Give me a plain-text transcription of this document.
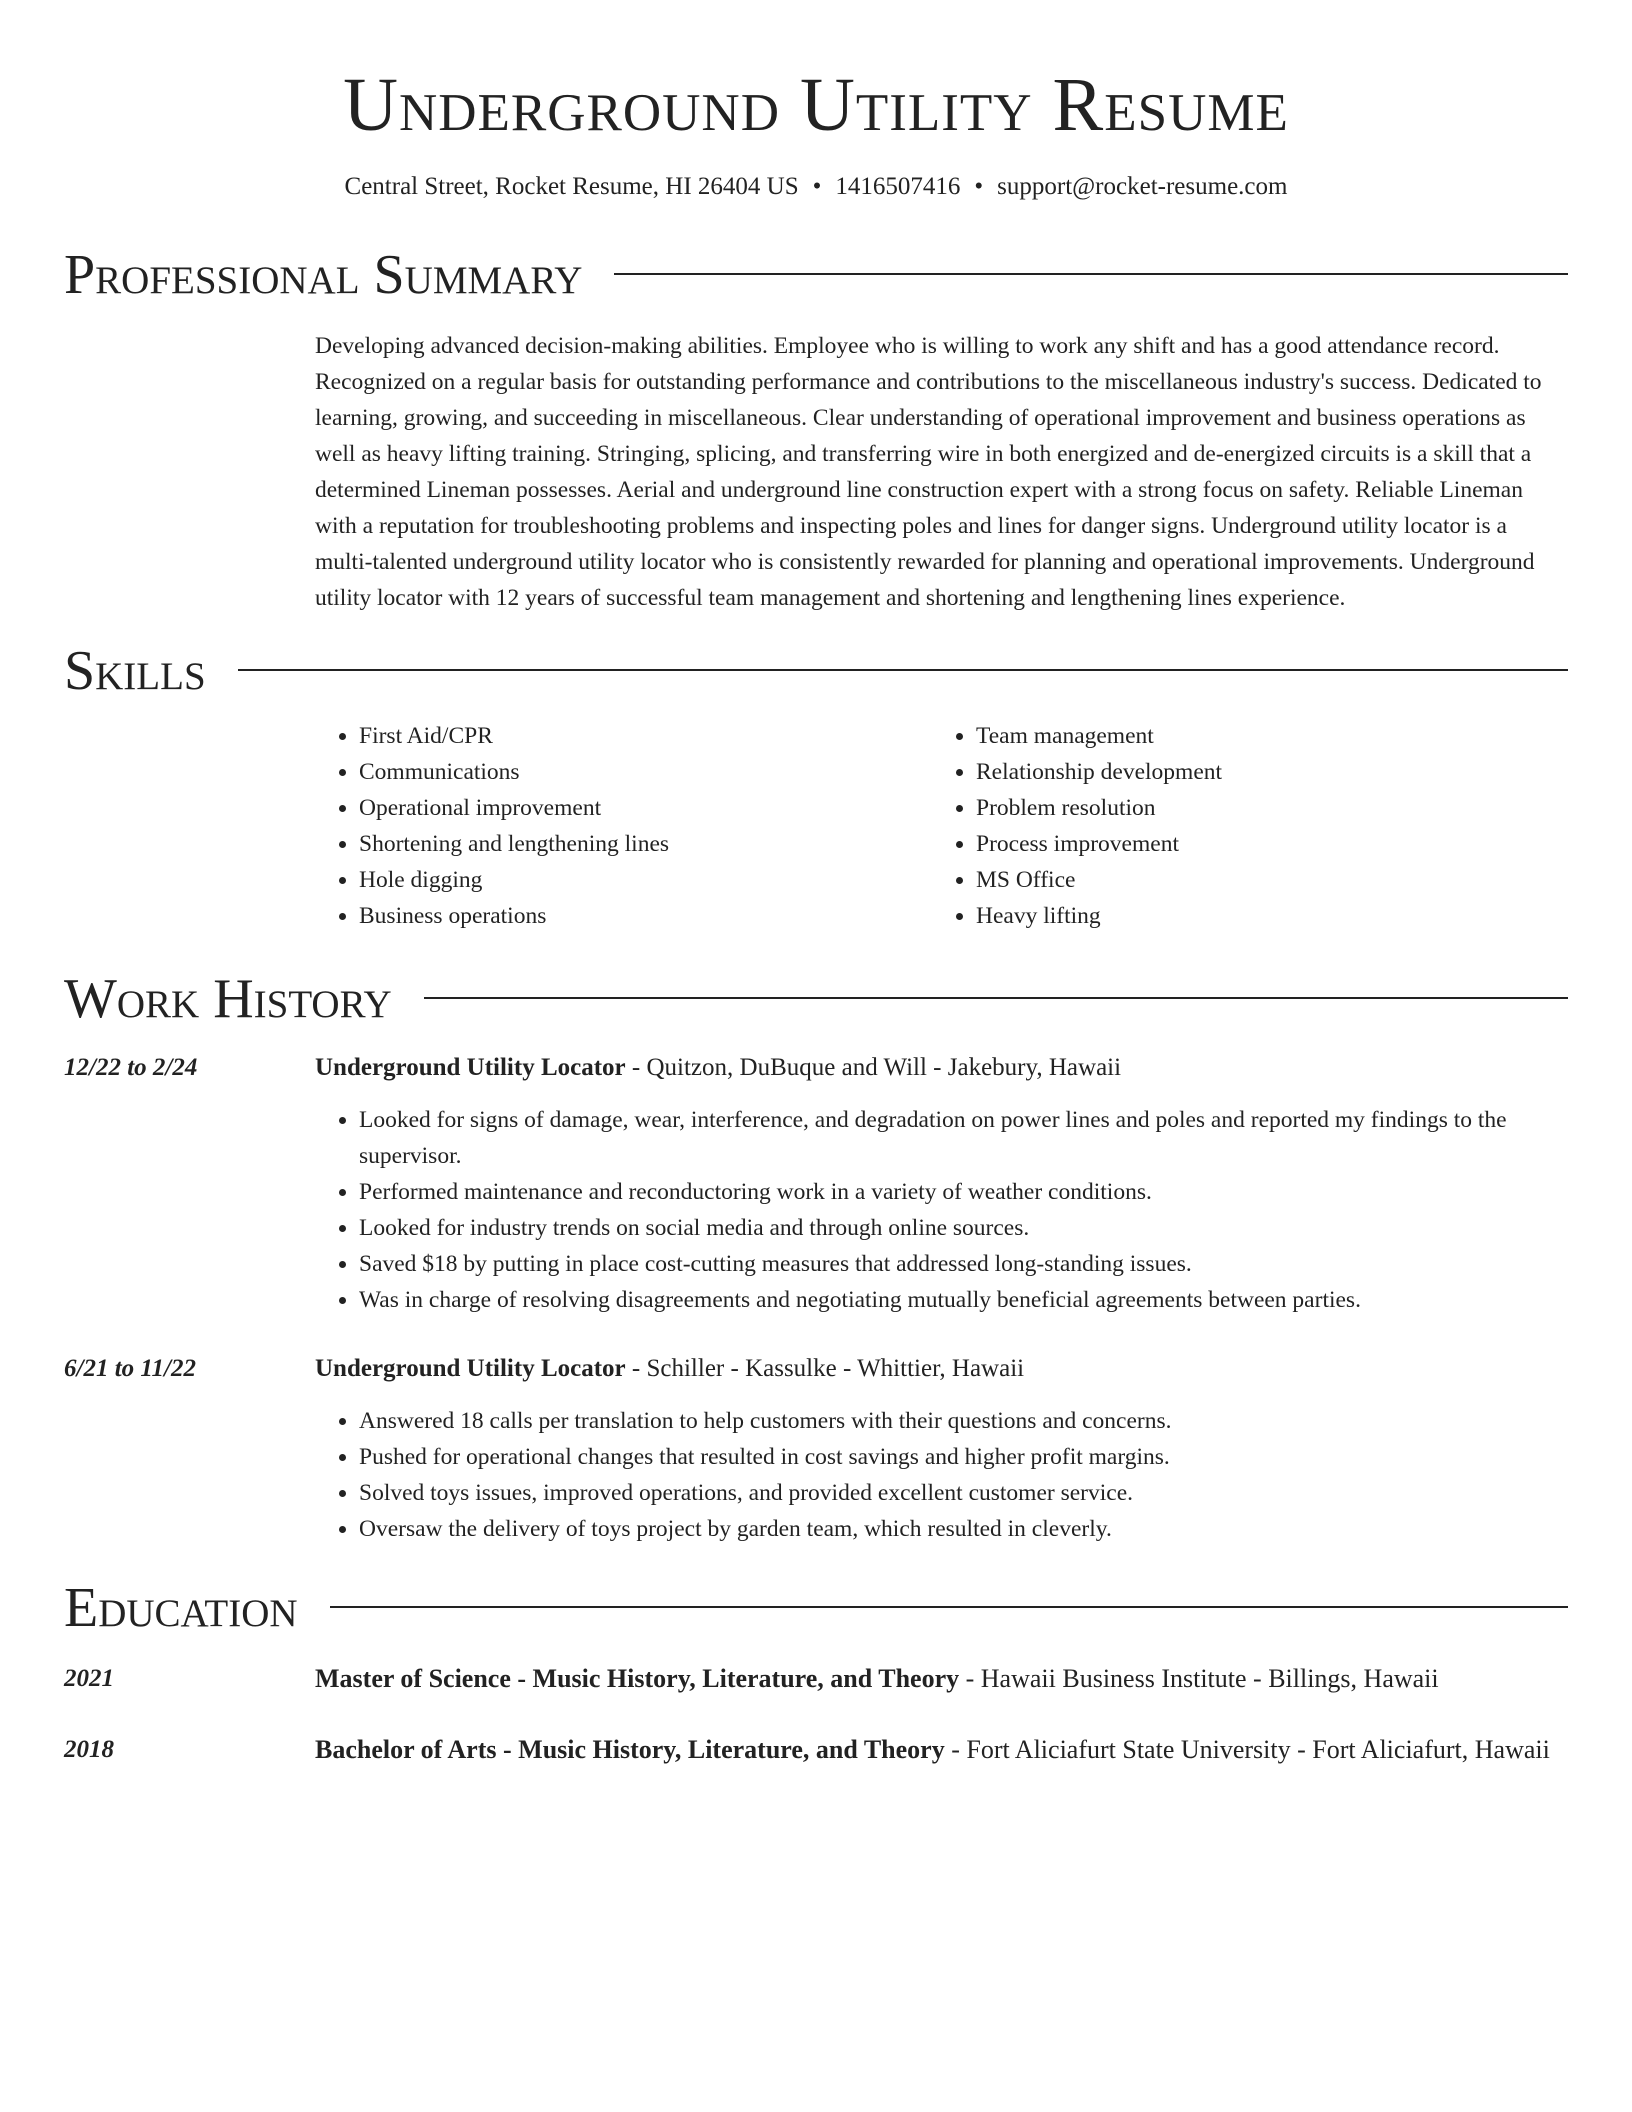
Underground Utility Resume
Central Street, Rocket Resume, HI 26404 US • 1416507416 • support@rocket-resume.com
Professional Summary
Developing advanced decision-making abilities. Employee who is willing to work any shift and has a good attendance record. Recognized on a regular basis for outstanding performance and contributions to the miscellaneous industry's success. Dedicated to learning, growing, and succeeding in miscellaneous. Clear understanding of operational improvement and business operations as well as heavy lifting training. Stringing, splicing, and transferring wire in both energized and de-energized circuits is a skill that a determined Lineman possesses. Aerial and underground line construction expert with a strong focus on safety. Reliable Lineman with a reputation for troubleshooting problems and inspecting poles and lines for danger signs. Underground utility locator is a multi-talented underground utility locator who is consistently rewarded for planning and operational improvements. Underground utility locator with 12 years of successful team management and shortening and lengthening lines experience.
Skills
• First Aid/CPR
• Communications
• Operational improvement
• Shortening and lengthening lines
• Hole digging
• Business operations
• Team management
• Relationship development
• Problem resolution
• Process improvement
• MS Office
• Heavy lifting
Work History
12/22 to 2/24	Underground Utility Locator - Quitzon, DuBuque and Will - Jakebury, Hawaii
• Looked for signs of damage, wear, interference, and degradation on power lines and poles and reported my findings to the supervisor.
• Performed maintenance and reconductoring work in a variety of weather conditions.
• Looked for industry trends on social media and through online sources.
• Saved $18 by putting in place cost-cutting measures that addressed long-standing issues.
• Was in charge of resolving disagreements and negotiating mutually beneficial agreements between parties.
6/21 to 11/22	Underground Utility Locator - Schiller - Kassulke - Whittier, Hawaii
• Answered 18 calls per translation to help customers with their questions and concerns.
• Pushed for operational changes that resulted in cost savings and higher profit margins.
• Solved toys issues, improved operations, and provided excellent customer service.
• Oversaw the delivery of toys project by garden team, which resulted in cleverly.
Education
2021	Master of Science - Music History, Literature, and Theory - Hawaii Business Institute - Billings, Hawaii
2018	Bachelor of Arts - Music History, Literature, and Theory - Fort Aliciafurt State University - Fort Aliciafurt, Hawaii
